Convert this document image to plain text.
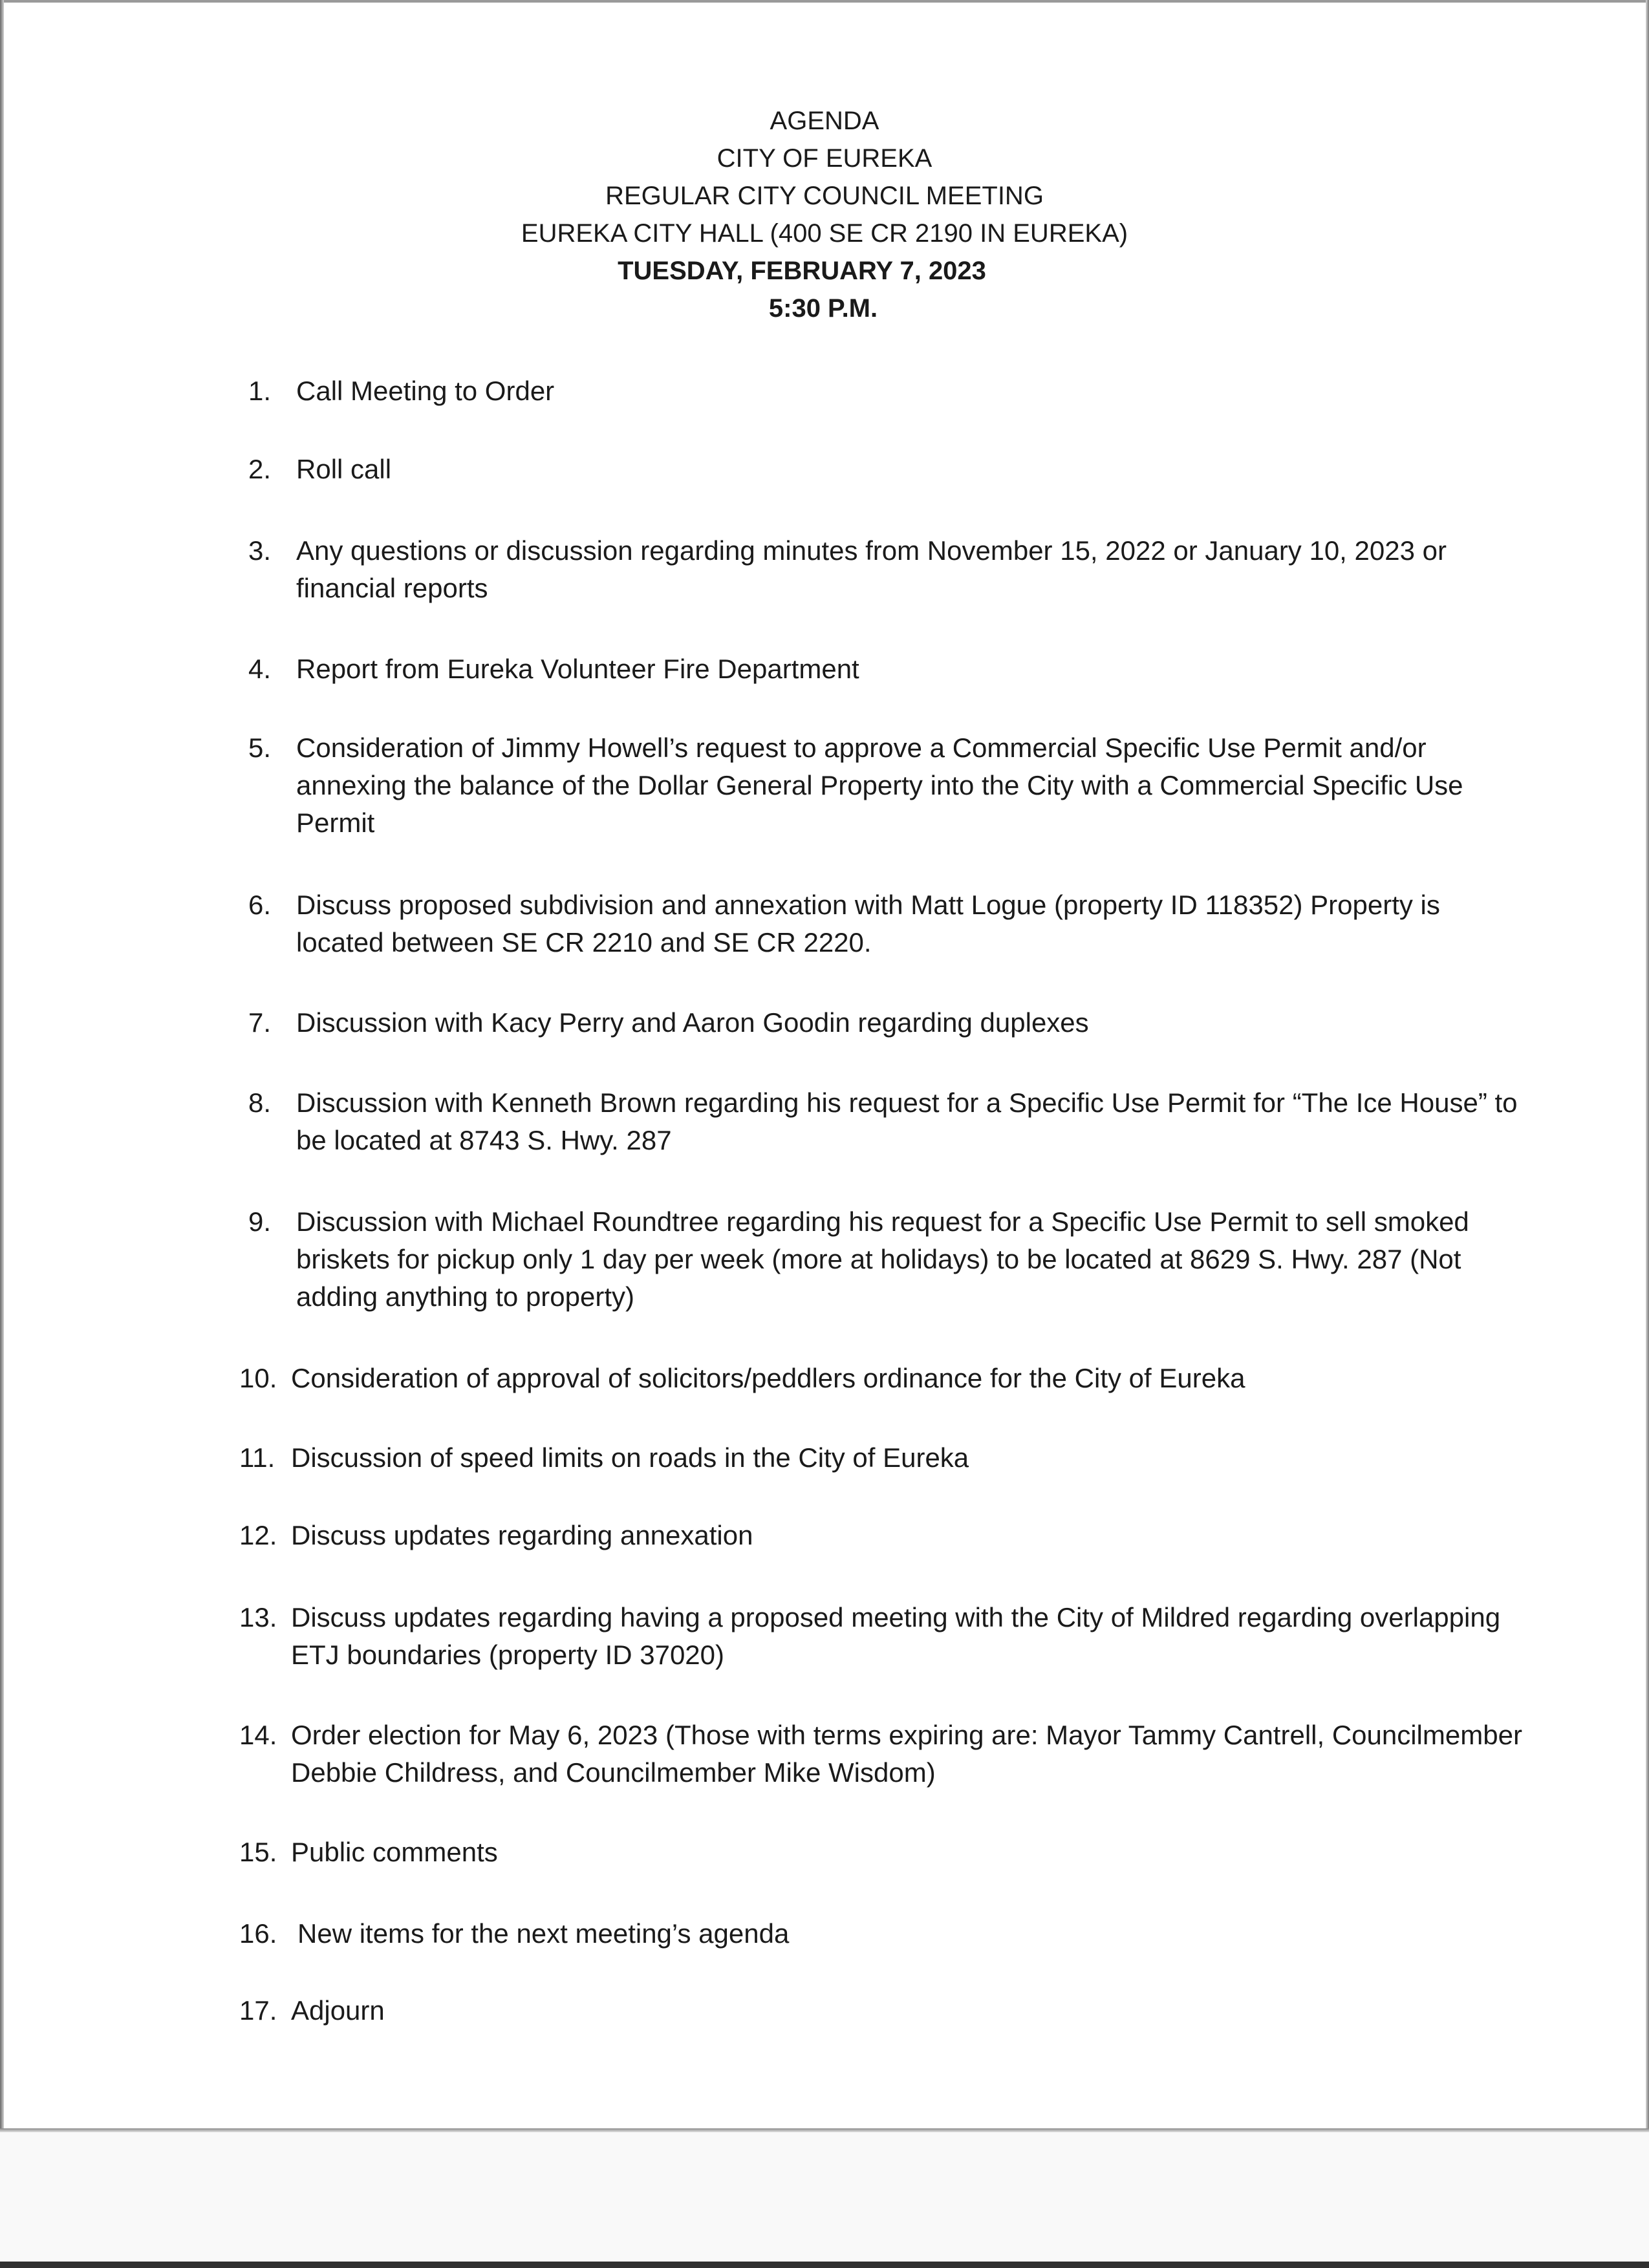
AGENDA
CITY OF EUREKA
REGULAR CITY COUNCIL MEETING
EUREKA CITY HALL (400 SE CR 2190 IN EUREKA)
TUESDAY, FEBRUARY 7, 2023
5:30 P.M.
1. Call Meeting to Order
2. Roll call
3. Any questions or discussion regarding minutes from November 15, 2022 or January 10, 2023 or financial reports
4. Report from Eureka Volunteer Fire Department
5. Consideration of Jimmy Howell’s request to approve a Commercial Specific Use Permit and/or annexing the balance of the Dollar General Property into the City with a Commercial Specific Use Permit
6. Discuss proposed subdivision and annexation with Matt Logue (property ID 118352) Property is located between SE CR 2210 and SE CR 2220.
7. Discussion with Kacy Perry and Aaron Goodin regarding duplexes
8. Discussion with Kenneth Brown regarding his request for a Specific Use Permit for “The Ice House” to be located at 8743 S. Hwy. 287
9. Discussion with Michael Roundtree regarding his request for a Specific Use Permit to sell smoked briskets for pickup only 1 day per week (more at holidays) to be located at 8629 S. Hwy. 287 (Not adding anything to property)
10. Consideration of approval of solicitors/peddlers ordinance for the City of Eureka
11. Discussion of speed limits on roads in the City of Eureka
12. Discuss updates regarding annexation
13. Discuss updates regarding having a proposed meeting with the City of Mildred regarding overlapping ETJ boundaries (property ID 37020)
14. Order election for May 6, 2023 (Those with terms expiring are: Mayor Tammy Cantrell, Councilmember Debbie Childress, and Councilmember Mike Wisdom)
15. Public comments
16. New items for the next meeting’s agenda
17. Adjourn
